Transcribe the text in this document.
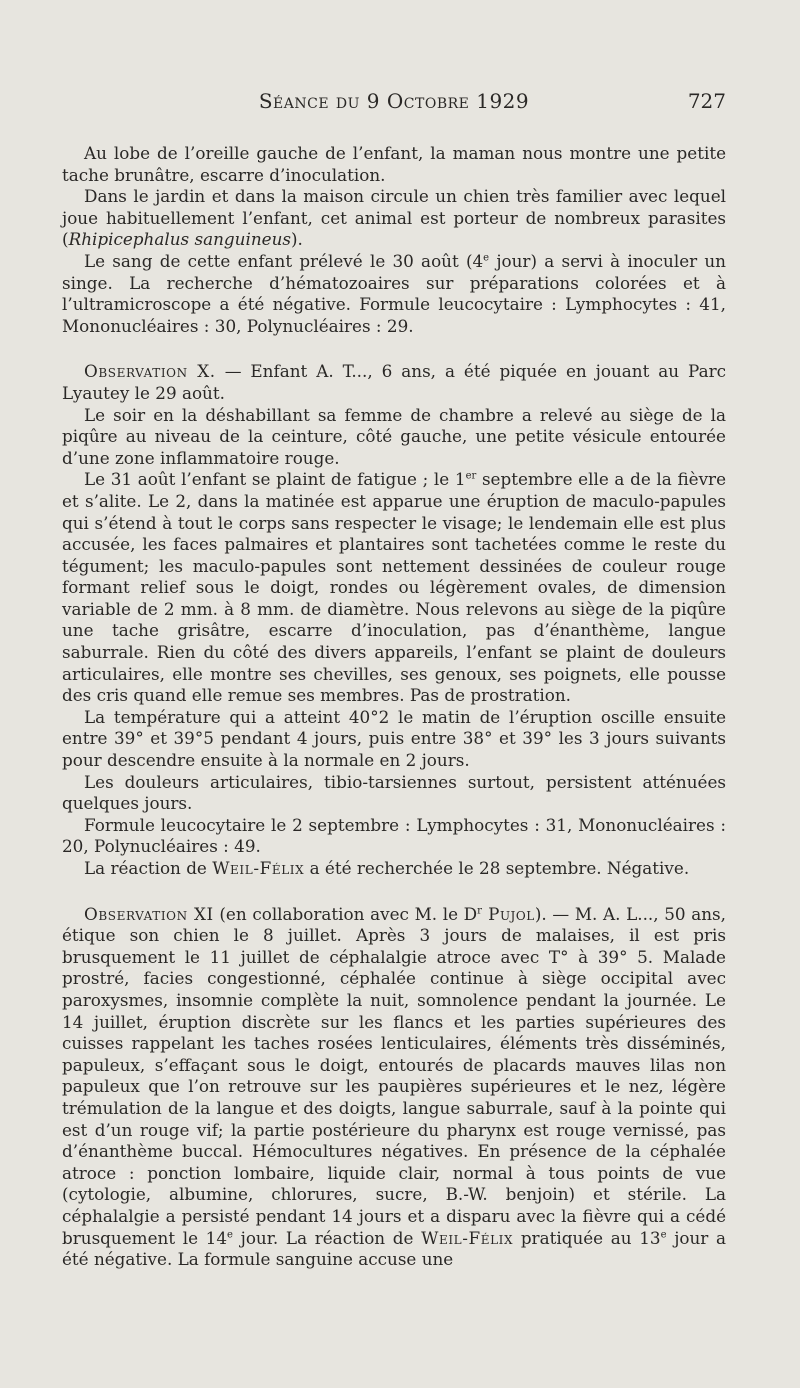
Séance du 9 Octobre 1929	727

Au lobe de l’oreille gauche de l’enfant, la maman nous montre une petite tache brunâtre, escarre d’inoculation.

Dans le jardin et dans la maison circule un chien très familier avec lequel joue habituellement l’enfant, cet animal est porteur de nombreux parasites (Rhipicephalus sanguineus).

Le sang de cette enfant prélevé le 30 août (4e jour) a servi à inoculer un singe. La recherche d’hématozoaires sur préparations colorées et à l’ultramicroscope a été négative. Formule leucocytaire : Lymphocytes : 41, Mononucléaires : 30, Polynucléaires : 29.

Observation X. — Enfant A. T..., 6 ans, a été piquée en jouant au Parc Lyautey le 29 août.

Le soir en la déshabillant sa femme de chambre a relevé au siège de la piqûre au niveau de la ceinture, côté gauche, une petite vésicule entourée d’une zone inflammatoire rouge.

Le 31 août l’enfant se plaint de fatigue ; le 1er septembre elle a de la fièvre et s’alite. Le 2, dans la matinée est apparue une éruption de maculo-papules qui s’étend à tout le corps sans respecter le visage; le lendemain elle est plus accusée, les faces palmaires et plantaires sont tachetées comme le reste du tégument; les maculo-papules sont nettement dessinées de couleur rouge formant relief sous le doigt, rondes ou légèrement ovales, de dimension variable de 2 mm. à 8 mm. de diamètre. Nous relevons au siège de la piqûre une tache grisâtre, escarre d’inoculation, pas d’énanthème, langue saburrale. Rien du côté des divers appareils, l’enfant se plaint de douleurs articulaires, elle montre ses chevilles, ses genoux, ses poignets, elle pousse des cris quand elle remue ses membres. Pas de prostration.

La température qui a atteint 40°2 le matin de l’éruption oscille ensuite entre 39° et 39°5 pendant 4 jours, puis entre 38° et 39° les 3 jours suivants pour descendre ensuite à la normale en 2 jours.

Les douleurs articulaires, tibio-tarsiennes surtout, persistent atténuées quelques jours.

Formule leucocytaire le 2 septembre : Lymphocytes : 31, Mononucléaires : 20, Polynucléaires : 49.

La réaction de Weil-Félix a été recherchée le 28 septembre. Négative.

Observation XI (en collaboration avec M. le $D^r$ Pujol). — M. A. L..., 50 ans, étique son chien le 8 juillet. Après 3 jours de malaises, il est pris brusquement le 11 juillet de céphalalgie atroce avec T° à 39° 5. Malade prostré, facies congestionné, céphalée continue à siège occipital avec paroxysmes, insomnie complète la nuit, somnolence pendant la journée. Le 14 juillet, éruption discrète sur les flancs et les parties supérieures des cuisses rappelant les taches rosées lenticulaires, éléments très disséminés, papuleux, s’effaçant sous le doigt, entourés de placards mauves lilas non papuleux que l’on retrouve sur les paupières supérieures et le nez, légère trémulation de la langue et des doigts, langue saburrale, sauf à la pointe qui est d’un rouge vif; la partie postérieure du pharynx est rouge vernissé, pas d’énanthème buccal. Hémocultures négatives. En présence de la céphalée atroce : ponction lombaire, liquide clair, normal à tous points de vue (cytologie, albumine, chlorures, sucre, B.-W. benjoin) et stérile. La céphalalgie a persisté pendant 14 jours et a disparu avec la fièvre qui a cédé brusquement le 14e jour. La réaction de Weil-Félix pratiquée au 13e jour a été négative. La formule sanguine accuse une
